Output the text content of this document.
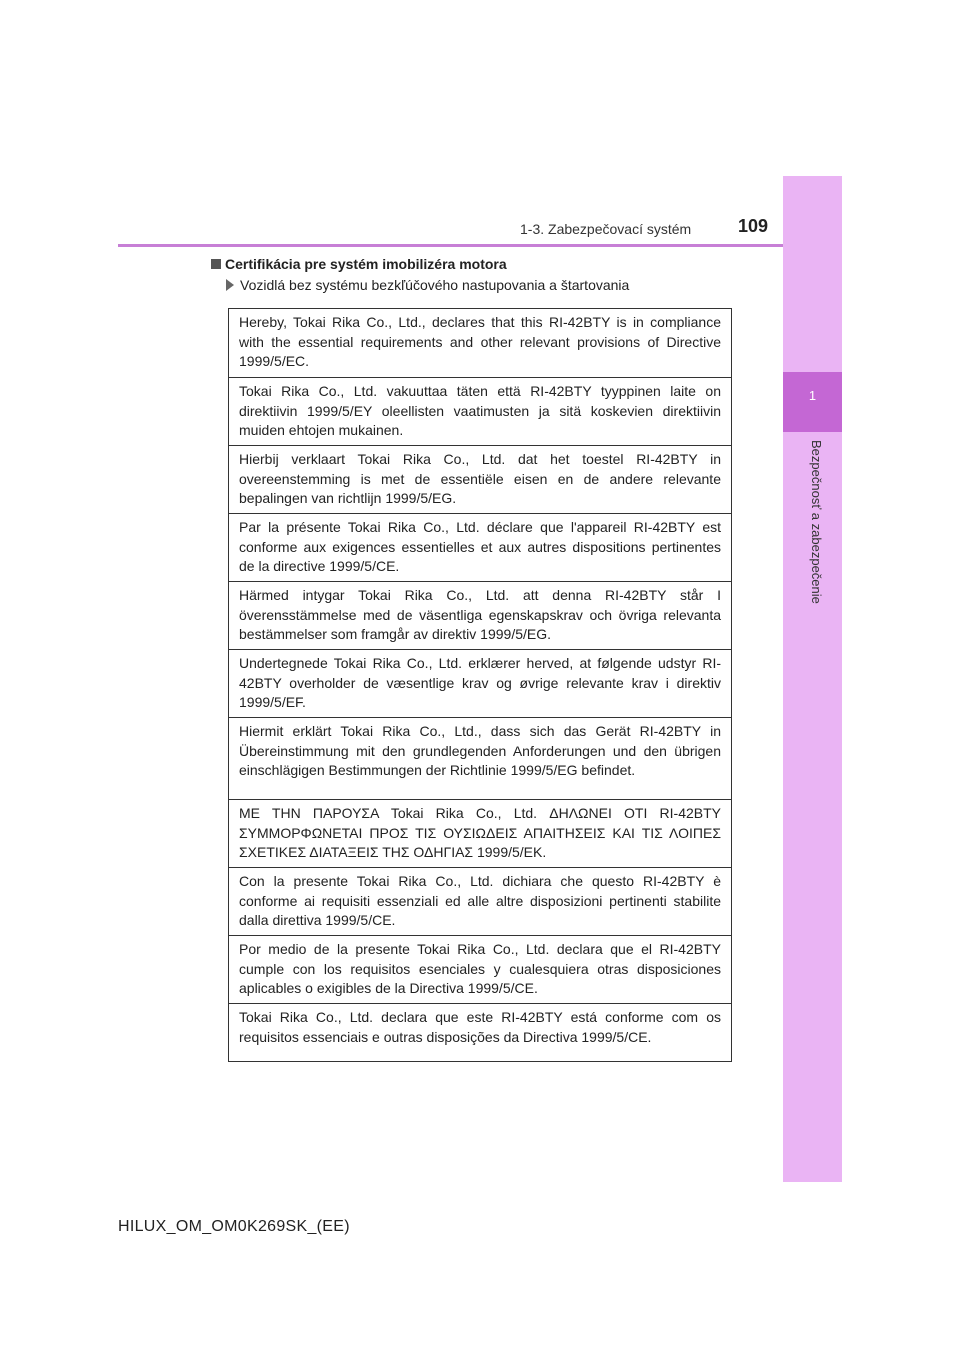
1
Bezpečnosť a zabezpečenie
1-3. Zabezpečovací systém	109
Certifikácia pre systém imobilizéra motora
Vozidlá bez systému bezkľúčového nastupovania a štartovania
Hereby, Tokai Rika Co., Ltd., declares that this RI-42BTY is in compliance with the essential requirements and other relevant provisions of Directive 1999/5/EC.
Tokai Rika Co., Ltd. vakuuttaa täten että RI-42BTY tyyppinen laite on direktiivin 1999/5/EY oleellisten vaatimusten ja sitä koskevien direktiivin muiden ehtojen mukainen.
Hierbij verklaart Tokai Rika Co., Ltd. dat het toestel RI-42BTY in overeenstemming is met de essentiële eisen en de andere relevante bepalingen van richtlijn 1999/5/EG.
Par la présente Tokai Rika Co., Ltd. déclare que l'appareil RI-42BTY est conforme aux exigences essentielles et aux autres dispositions pertinentes de la directive 1999/5/CE.
Härmed intygar Tokai Rika Co., Ltd. att denna RI-42BTY står I överensstämmelse med de väsentliga egenskapskrav och övriga relevanta bestämmelser som framgår av direktiv 1999/5/EG.
Undertegnede Tokai Rika Co., Ltd. erklærer herved, at følgende udstyr RI-42BTY overholder de væsentlige krav og øvrige relevante krav i direktiv 1999/5/EF.
Hiermit erklärt Tokai Rika Co., Ltd., dass sich das Gerät RI-42BTY in Übereinstimmung mit den grundlegenden Anforderungen und den übrigen einschlägigen Bestimmungen der Richtlinie 1999/5/EG befindet.
ΜΕ ΤΗΝ ΠΑΡΟΥΣΑ Tokai Rika Co., Ltd. ΔΗΛΩΝΕΙ ΟΤΙ RI-42BTY ΣΥΜΜΟΡΦΩΝΕΤΑΙ ΠΡΟΣ ΤΙΣ ΟΥΣΙΩΔΕΙΣ ΑΠΑΙΤΗΣΕΙΣ ΚΑΙ ΤΙΣ ΛΟΙΠΕΣ ΣΧΕΤΙΚΕΣ ΔΙΑΤΑΞΕΙΣ ΤΗΣ ΟΔΗΓΙΑΣ 1999/5/ΕΚ.
Con la presente Tokai Rika Co., Ltd. dichiara che questo RI-42BTY è conforme ai requisiti essenziali ed alle altre disposizioni pertinenti stabilite dalla direttiva 1999/5/CE.
Por medio de la presente Tokai Rika Co., Ltd. declara que el RI-42BTY cumple con los requisitos esenciales y cualesquiera otras disposiciones aplicables o exigibles de la Directiva 1999/5/CE.
Tokai Rika Co., Ltd. declara que este RI-42BTY está conforme com os requisitos essenciais e outras disposições da Directiva 1999/5/CE.
HILUX_OM_OM0K269SK_(EE)
